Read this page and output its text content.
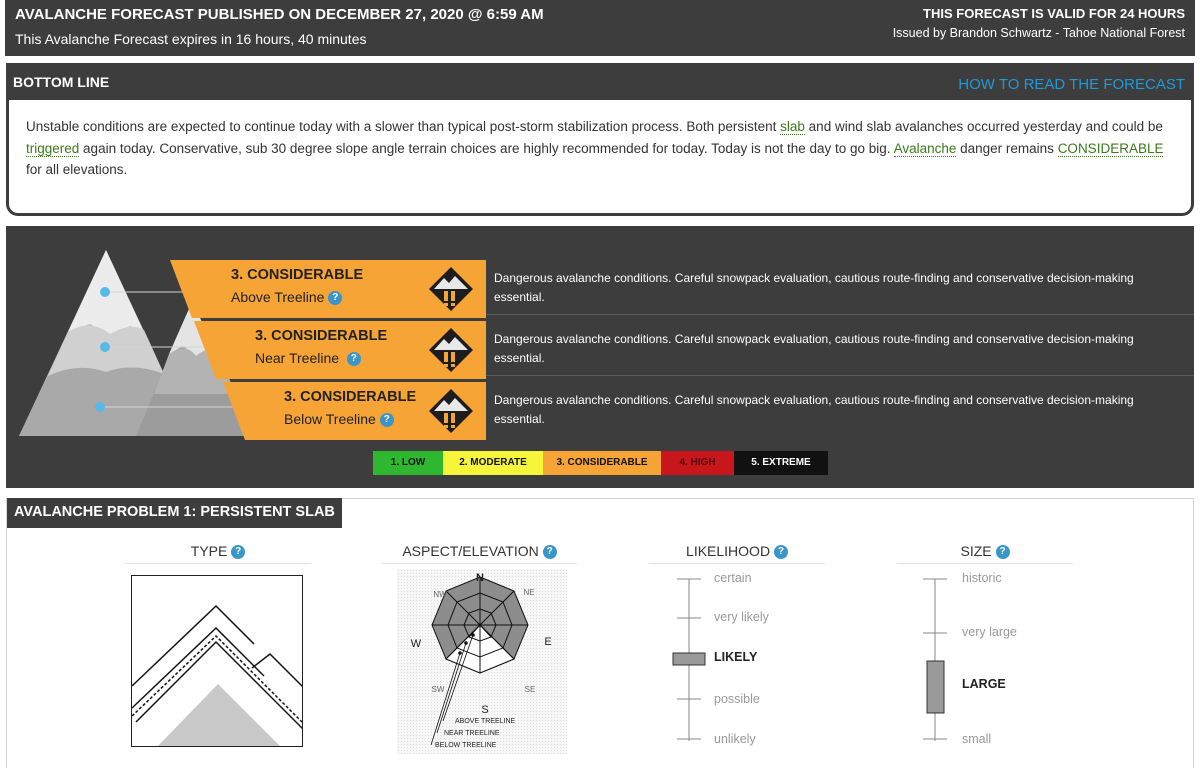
AVALANCHE FORECAST PUBLISHED ON DECEMBER 27, 2020 @ 6:59 AM
This Avalanche Forecast expires in 16 hours, 40 minutes
THIS FORECAST IS VALID FOR 24 HOURS
Issued by Brandon Schwartz - Tahoe National Forest
BOTTOM LINE	HOW TO READ THE FORECAST
Unstable conditions are expected to continue today with a slower than typical post-storm stabilization process. Both persistent slab and wind slab avalanches occurred yesterday and could be triggered again today. Conservative, sub 30 degree slope angle terrain choices are highly recommended for today. Today is not the day to go big. Avalanche danger remains CONSIDERABLE for all elevations.
3. CONSIDERABLE
Above Treeline ?
Dangerous avalanche conditions. Careful snowpack evaluation, cautious route-finding and conservative decision-making essential.
3. CONSIDERABLE
Near Treeline ?
Dangerous avalanche conditions. Careful snowpack evaluation, cautious route-finding and conservative decision-making essential.
3. CONSIDERABLE
Below Treeline ?
Dangerous avalanche conditions. Careful snowpack evaluation, cautious route-finding and conservative decision-making essential.
1. LOW	2. MODERATE	3. CONSIDERABLE	4. HIGH	5. EXTREME
AVALANCHE PROBLEM 1: PERSISTENT SLAB
TYPE ?	ASPECT/ELEVATION ?
N
NE
E
SE
S
SW
W
NW
ABOVE TREELINE
NEAR TREELINE
BELOW TREELINE
LIKELIHOOD ?
certain
very likely
LIKELY
possible
unlikely
SIZE ?
historic
very large
LARGE
small
